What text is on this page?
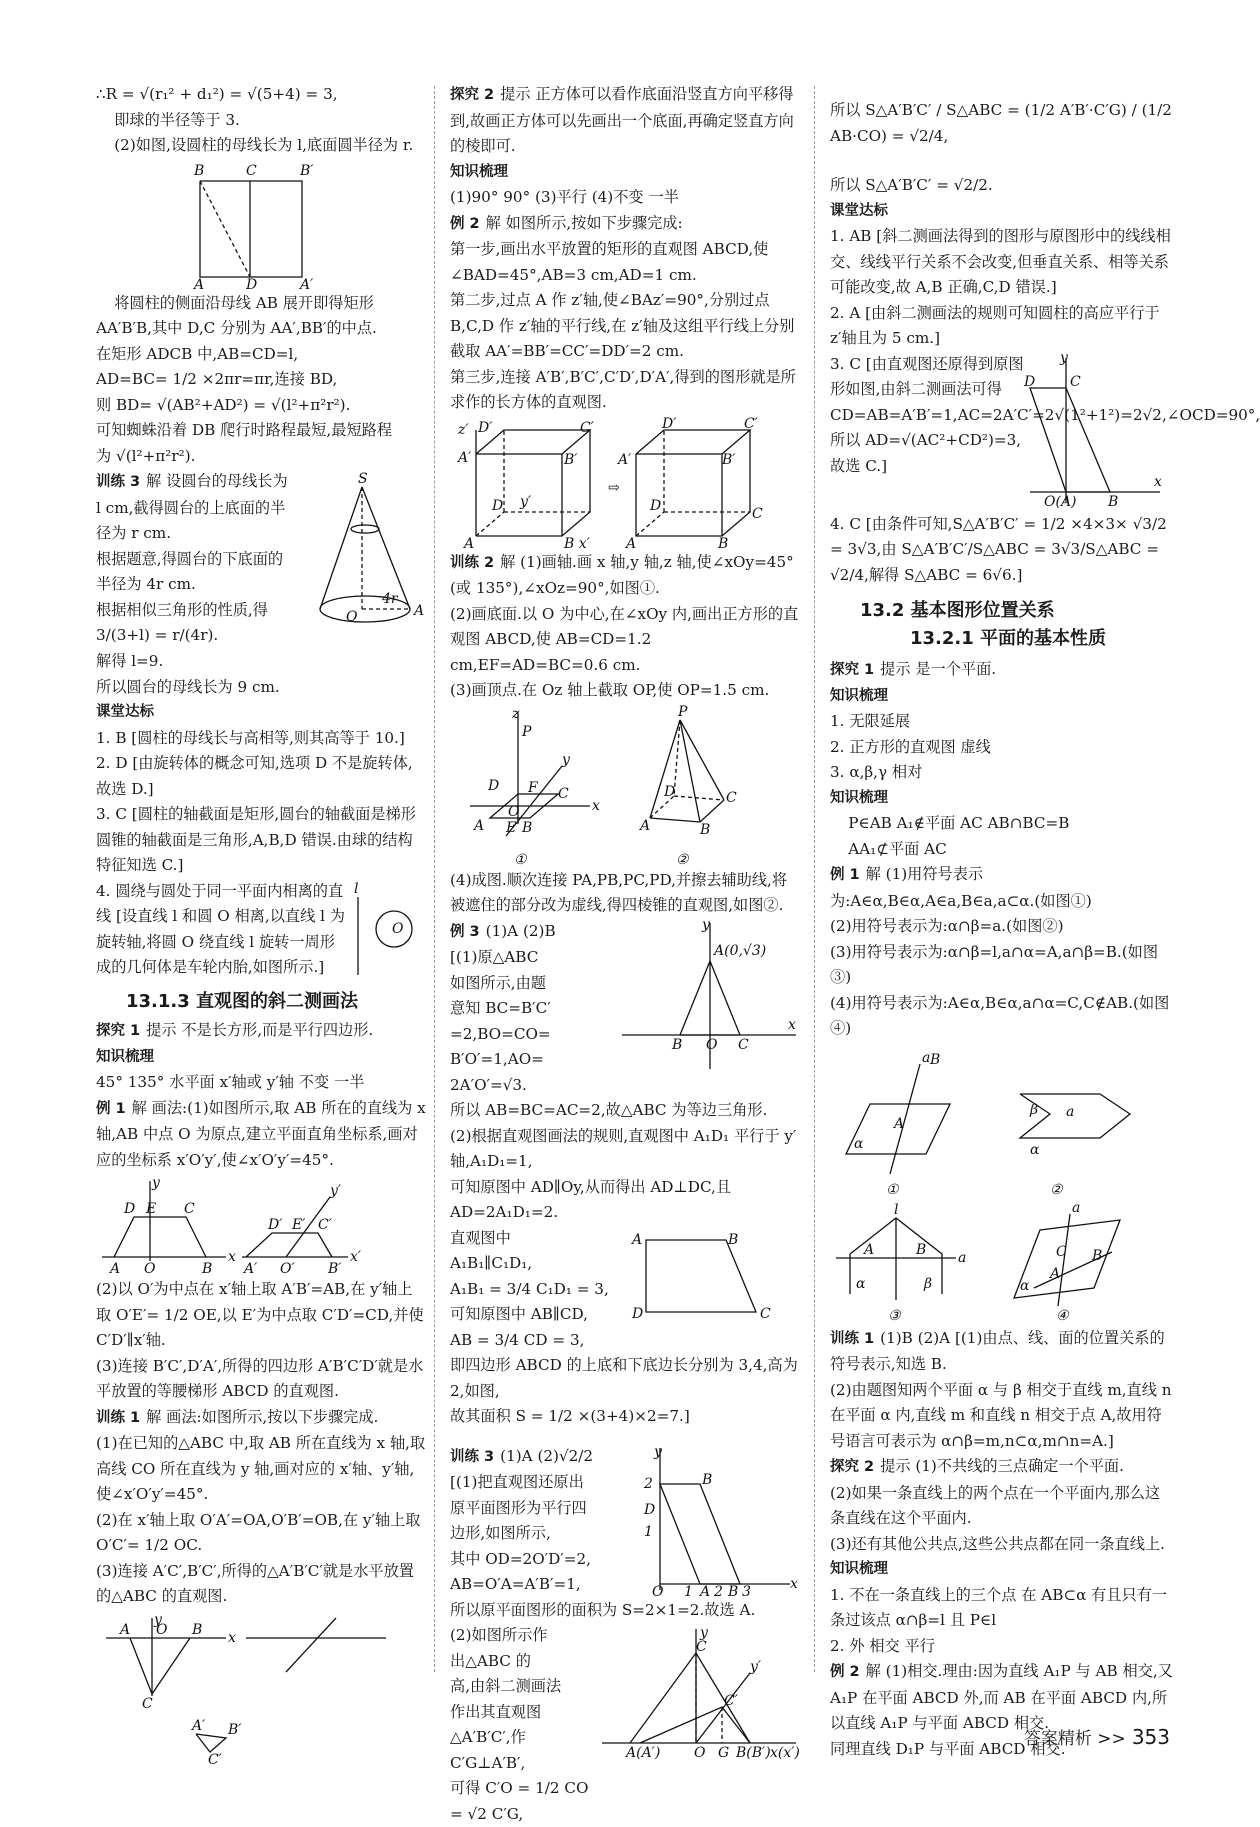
∴R = √(r₁² + d₁²) = √(5+4) = 3,

即球的半径等于 3.

(2)如图,设圆柱的母线长为 l,底面圆半径为 r.

B	C	B′
A	D	A′

将圆柱的侧面沿母线 AB 展开即得矩形

AA′B′B,其中 D,C 分别为 AA′,BB′的中点.

在矩形 ADCB 中,AB=CD=l,

AD=BC= 1/2 ×2πr=πr,连接 BD,

则 BD= √(AB²+AD²) = √(l²+π²r²).

可知蜘蛛沿着 DB 爬行时路程最短,最短路程

为 √(l²+π²r²).

训练 3 解 设圆台的母线长为

l cm,截得圆台的上底面的半

径为 r cm.

根据题意,得圆台的下底面的

半径为 4r cm.

根据相似三角形的性质,得

3/(3+l) = r/(4r).

S
4r
O	A

解得 l=9.

所以圆台的母线长为 9 cm.

课堂达标

1. B [圆柱的母线长与高相等,则其高等于 10.]

2. D [由旋转体的概念可知,选项 D 不是旋转体,故选 D.]

3. C [圆柱的轴截面是矩形,圆台的轴截面是梯形圆锥的轴截面是三角形,A,B,D 错误.由球的结构特征知选 C.]

4. 圆绕与圆处于同一平面内相离的直线 [设直线 l 和圆 O 相离,以直线 l 为旋转轴,将圆 O 绕直线 l 旋转一周形成的几何体是车轮内胎,如图所示.]

l
O

13.1.3 直观图的斜二测画法

探究 1 提示 不是长方形,而是平行四边形.

知识梳理

45° 135° 水平面 x′轴或 y′轴 不变 一半

例 1 解 画法:(1)如图所示,取 AB 所在的直线为 x 轴,AB 中点 O 为原点,建立平面直角坐标系,画对应的坐标系 x′O′y′,使∠x′O′y′=45°.

x
y
D E C
A O	B
x′
y′
D′ E′ C′
A′ O′ B′

(2)以 O′为中点在 x′轴上取 A′B′=AB,在 y′轴上取 O′E′= 1/2 OE,以 E′为中点取 C′D′=CD,并使 C′D′∥x′轴.

(3)连接 B′C′,D′A′,所得的四边形 A′B′C′D′就是水平放置的等腰梯形 ABCD 的直观图.

训练 1 解 画法:如图所示,按以下步骤完成.

(1)在已知的△ABC 中,取 AB 所在直线为 x 轴,取高线 CO 所在直线为 y 轴,画对应的 x′轴、y′轴,使∠x′O′y′=45°.

(2)在 x′轴上取 O′A′=OA,O′B′=OB,在 y′轴上取 O′C′= 1/2 OC.

(3)连接 A′C′,B′C′,所得的△A′B′C′就是水平放置的△ABC 的直观图.

x
y
A O B
C
A′ B′
C′

探究 2 提示 正方体可以看作底面沿竖直方向平移得到,故画正方体可以先画出一个底面,再确定竖直方向的棱即可.

知识梳理

(1)90° 90° (3)平行 (4)不变 一半

例 2 解 如图所示,按如下步骤完成:

第一步,画出水平放置的矩形的直观图 ABCD,使∠BAD=45°,AB=3 cm,AD=1 cm.

第二步,过点 A 作 z′轴,使∠BAz′=90°,分别过点 B,C,D 作 z′轴的平行线,在 z′轴及这组平行线上分别截取 AA′=BB′=CC′=DD′=2 cm.

第三步,连接 A′B′,B′C′,C′D′,D′A′,得到的图形就是所求作的长方体的直观图.

z′ D′	C′
A′	B′
D y′
A	B x′
⇨
D′	C′
A′	B′
D	C
A	B

训练 2 解 (1)画轴.画 x 轴,y 轴,z 轴,使∠xOy=45°(或 135°),∠xOz=90°,如图①.

(2)画底面.以 O 为中心,在∠xOy 内,画出正方形的直观图 ABCD,使 AB=CD=1.2 cm,EF=AD=BC=0.6 cm.

(3)画顶点.在 Oz 轴上截取 OP,使 OP=1.5 cm.

z
P
x
y
D F C
A E B
O
①
P
D	C
A	B
②

(4)成图.顺次连接 PA,PB,PC,PD,并擦去辅助线,将被遮住的部分改为虚线,得四棱锥的直观图,如图②.

例 3 (1)A (2)B

[(1)原△ABC

如图所示,由题

意知 BC=B′C′

=2,BO=CO=

B′O′=1,AO=

2A′O′=√3.

y
x
A(0,√3)
B O C

所以 AB=BC=AC=2,故△ABC 为等边三角形.

(2)根据直观图画法的规则,直观图中 A₁D₁ 平行于 y′轴,A₁D₁=1,

可知原图中 AD∥Oy,从而得出 AD⊥DC,且 AD=2A₁D₁=2.

直观图中

A₁B₁∥C₁D₁,

A₁B₁ = 3/4 C₁D₁ = 3,

可知原图中 AB∥CD,

AB = 3/4 CD = 3,

A	B
D	C

即四边形 ABCD 的上底和下底边长分别为 3,4,高为 2,如图,

故其面积 S = 1/2 ×(3+4)×2=7.]

训练 3 (1)A (2)√2/2

[(1)把直观图还原出

原平面图形为平行四

边形,如图所示,

其中 OD=2O′D′=2,

AB=O′A=A′B′=1,	x
y
2	B
D
1
O 1 A 2 B 3

所以原平面图形的面积为 S=2×1=2.故选 A.

(2)如图所示作

出△ABC 的

高,由斜二测画法

作出其直观图

△A′B′C′,作

C′G⊥A′B′,

可得 C′O = 1/2 CO

= √2 C′G,

x(x′)
y
y′
C
C′
A(A′) O G B(B′)

所以 S△A′B′C′ / S△ABC = (1/2 A′B′·C′G) / (1/2 AB·CO) = √2/4,

所以 S△A′B′C′ = √2/2.

课堂达标

1. AB [斜二测画法得到的图形与原图形中的线线相交、线线平行关系不会改变,但垂直关系、相等关系可能改变,故 A,B 正确,C,D 错误.]

2. A [由斜二测画法的规则可知圆柱的高应平行于 z′轴且为 5 cm.]

3. C [由直观图还原得到原图形如图,由斜二测画法可得 CD=AB=A′B′=1,AC=2A′C′=2√(1²+1²)=2√2,∠OCD=90°,所以 AD=√(AC²+CD²)=3,故选 C.]

y
x
D C
O(A) B

4. C [由条件可知,S△A′B′C′ = 1/2 ×4×3× √3/2 = 3√3,由 S△A′B′C′/S△ABC = 3√3/S△ABC = √2/4,解得 S△ABC = 6√6.]

13.2 基本图形位置关系

13.2.1 平面的基本性质

探究 1 提示 是一个平面.

知识梳理

1. 无限延展

2. 正方形的直观图 虚线

3. α,β,γ 相对

知识梳理

P∈AB A₁∉平面 AC AB∩BC=B

AA₁⊄平面 AC

例 1 解 (1)用符号表示为:A∈α,B∈α,A∈a,B∈a,a⊂α.(如图①)

(2)用符号表示为:α∩β=a.(如图②)

(3)用符号表示为:α∩β=l,a∩α=A,a∩β=B.(如图③)

(4)用符号表示为:A∈α,B∈α,a∩α=C,C∉AB.(如图④)

a B
A
α
①
β a
α
②
l
a
A	B
α	β
③
a
C B
A
α
④

训练 1 (1)B (2)A [(1)由点、线、面的位置关系的符号表示,知选 B.

(2)由题图知两个平面 α 与 β 相交于直线 m,直线 n 在平面 α 内,直线 m 和直线 n 相交于点 A,故用符号语言可表示为 α∩β=m,n⊂α,m∩n=A.]

探究 2 提示 (1)不共线的三点确定一个平面.

(2)如果一条直线上的两个点在一个平面内,那么这条直线在这个平面内.

(3)还有其他公共点,这些公共点都在同一条直线上.

知识梳理

1. 不在一条直线上的三个点 在 AB⊂α 有且只有一条过该点 α∩β=l 且 P∈l

2. 外 相交 平行

例 2 解 (1)相交.理由:因为直线 A₁P 与 AB 相交,又 A₁P 在平面 ABCD 外,而 AB 在平面 ABCD 内,所以直线 A₁P 与平面 ABCD 相交.

同理直线 D₁P 与平面 ABCD 相交.

答案精析 >> 353
